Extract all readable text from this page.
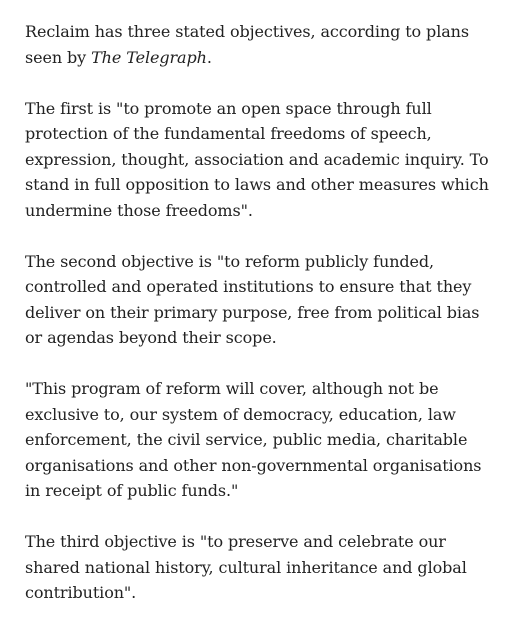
Reclaim has three stated objectives, according to plans seen by The Telegraph.

The first is "to promote an open space through full protection of the fundamental freedoms of speech, expression, thought, association and academic inquiry. To stand in full opposition to laws and other measures which undermine those freedoms".

The second objective is "to reform publicly funded, controlled and operated institutions to ensure that they deliver on their primary purpose, free from political bias or agendas beyond their scope.

"This program of reform will cover, although not be exclusive to, our system of democracy, education, law enforcement, the civil service, public media, charitable organisations and other non-governmental organisations in receipt of public funds."

The third objective is "to preserve and celebrate our shared national history, cultural inheritance and global contribution".
